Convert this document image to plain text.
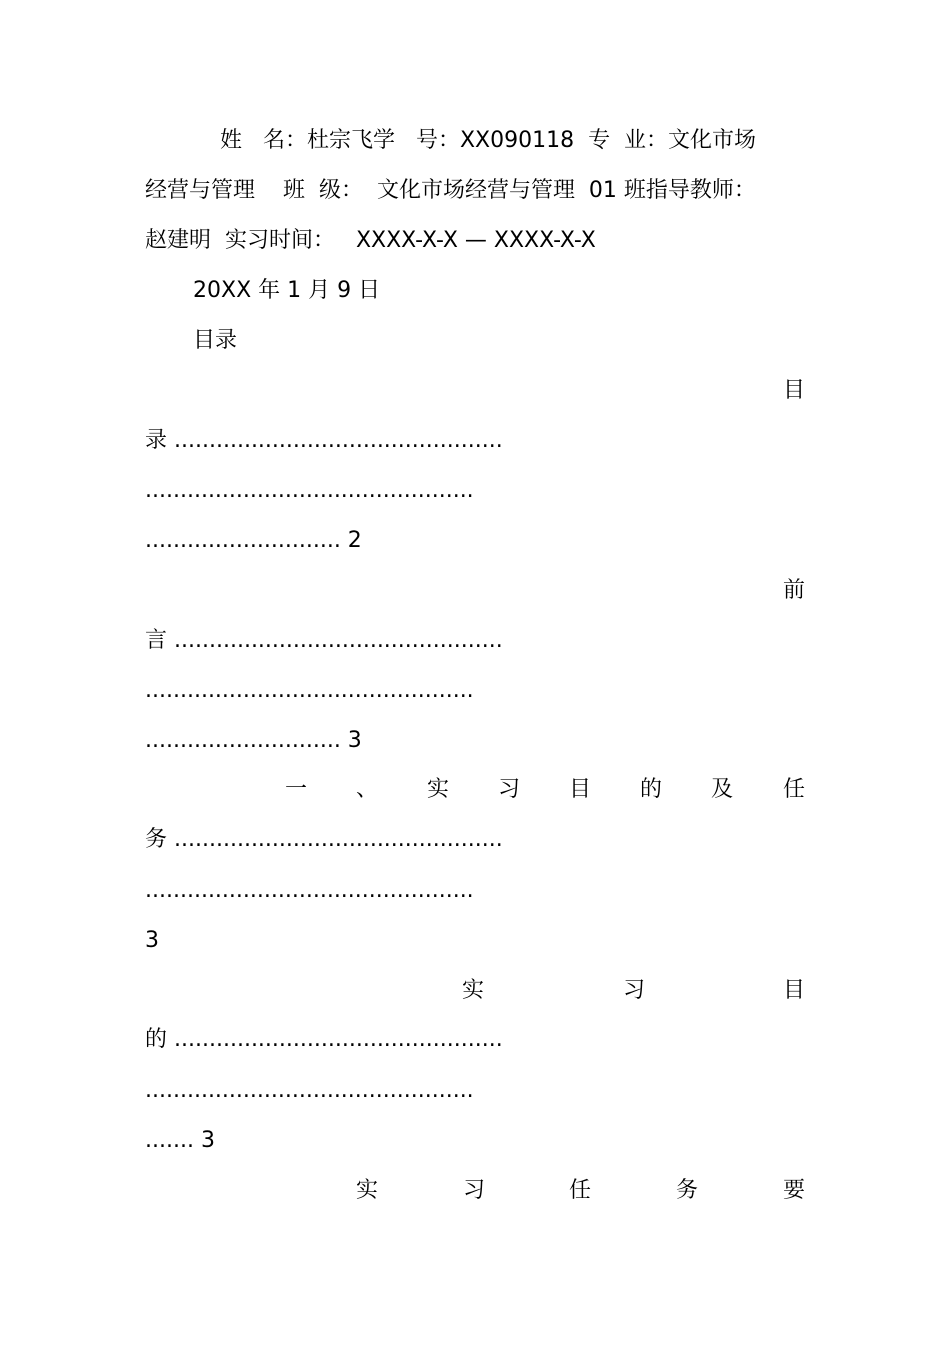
姓   名：杜宗飞学   号：XX090118  专  业：文化市场
经营与管理    班  级：  文化市场经营与管理  01 班指导教师：
赵建明  实习时间：   XXXX-X-X — XXXX-X-X
20XX 年 1 月 9 日
目录
目
录 ...............................................
...............................................
............................ 2
前
言 ...............................................
...............................................
............................ 3
一 、 实 习 目 的 及 任
务 ...............................................
...............................................
3
实	习	目
的 ...............................................
...............................................
....... 3
实	习	任	务	要
